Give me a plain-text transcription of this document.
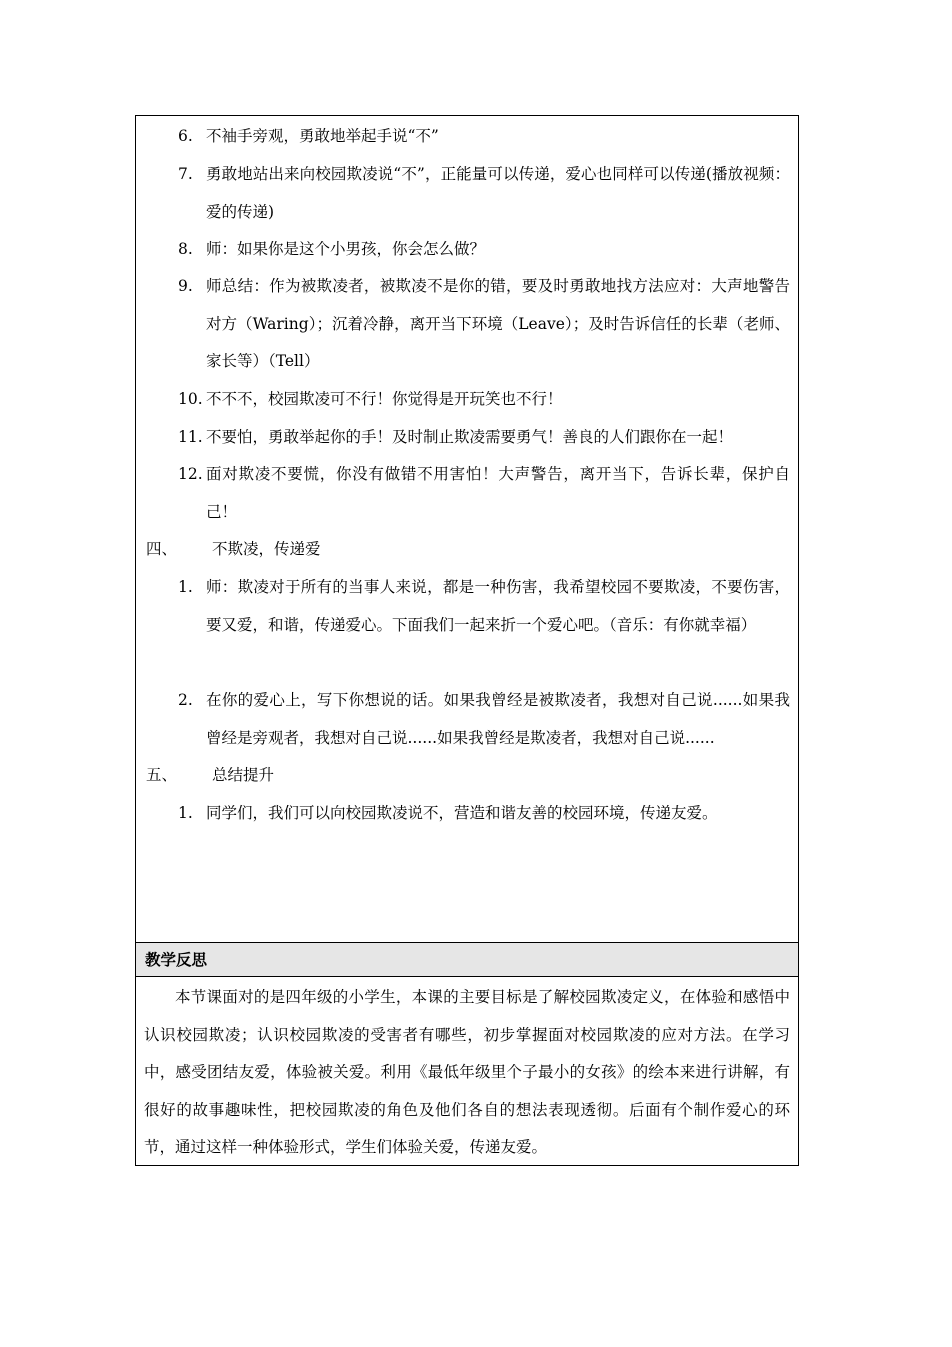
6. 不袖手旁观，勇敢地举起手说“不”
7. 勇敢地站出来向校园欺凌说“不”，正能量可以传递，爱心也同样可以传递(播放视频：爱的传递)
8. 师：如果你是这个小男孩，你会怎么做？
9. 师总结：作为被欺凌者，被欺凌不是你的错，要及时勇敢地找方法应对：大声地警告对方（Waring）；沉着冷静，离开当下环境（Leave）；及时告诉信任的长辈（老师、家长等）（Tell）
10. 不不不，校园欺凌可不行！你觉得是开玩笑也不行！
11. 不要怕，勇敢举起你的手！及时制止欺凌需要勇气！善良的人们跟你在一起！
12. 面对欺凌不要慌，你没有做错不用害怕！大声警告，离开当下，告诉长辈，保护自己！
四、 不欺凌，传递爱
1. 师：欺凌对于所有的当事人来说，都是一种伤害，我希望校园不要欺凌，不要伤害，要又爱，和谐，传递爱心。下面我们一起来折一个爱心吧。（音乐：有你就幸福）
2. 在你的爱心上，写下你想说的话。如果我曾经是被欺凌者，我想对自己说......如果我曾经是旁观者，我想对自己说......如果我曾经是欺凌者，我想对自己说......
五、 总结提升
1. 同学们，我们可以向校园欺凌说不，营造和谐友善的校园环境，传递友爱。
教学反思
本节课面对的是四年级的小学生，本课的主要目标是了解校园欺凌定义，在体验和感悟中认识校园欺凌；认识校园欺凌的受害者有哪些，初步掌握面对校园欺凌的应对方法。在学习中，感受团结友爱，体验被关爱。利用《最低年级里个子最小的女孩》的绘本来进行讲解，有很好的故事趣味性，把校园欺凌的角色及他们各自的想法表现透彻。后面有个制作爱心的环节，通过这样一种体验形式，学生们体验关爱，传递友爱。
